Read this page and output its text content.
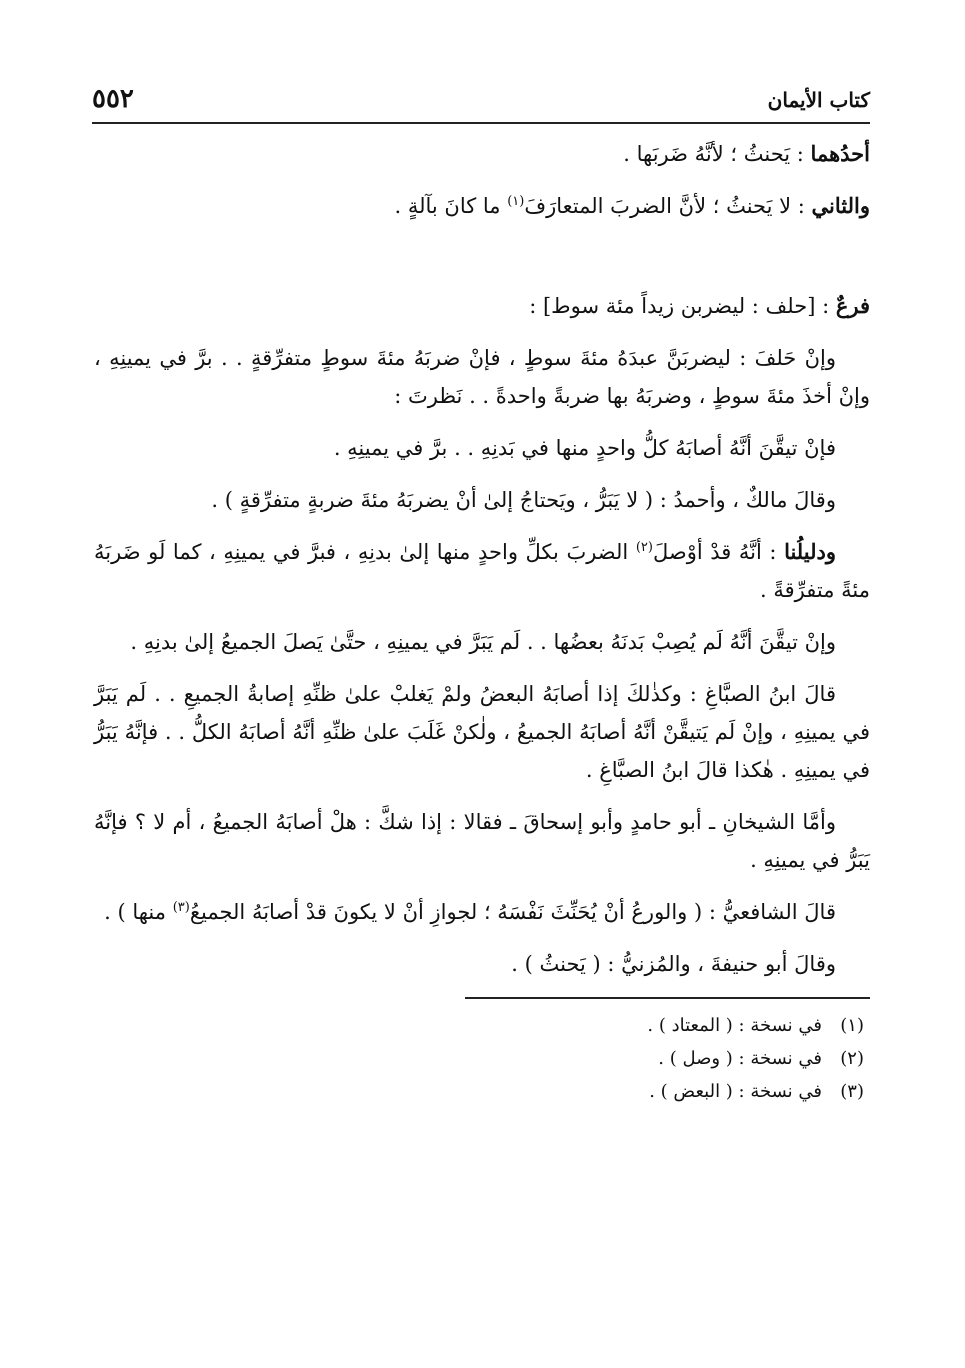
كتاب الأيمان
٥٥٢

أحدُهما : يَحنثُ ؛ لأنَّهُ ضَربَها .

والثاني : لا يَحنثُ ؛ لأنَّ الضربَ المتعارَفَ$^{(١)}$ ما كانَ بآلةٍ .

فرعٌ : [حلف : ليضربن زيداً مئة سوط] :

وإنْ حَلفَ : ليضربَنَّ عبدَهُ مئةَ سوطٍ ، فإنْ ضربَهُ مئةَ سوطٍ متفرِّقةٍ . . برَّ في يمينِهِ ، وإنْ أخذَ مئةَ سوطٍ ، وضربَهُ بها ضربةً واحدةً . . نَظرتَ :

فإنْ تيقَّنَ أنَّهُ أصابَهُ كلُّ واحدٍ منها في بَدنِهِ . . برَّ في يمينِهِ .

وقالَ مالكٌ ، وأحمدُ : ( لا يَبَرُّ ، ويَحتاجُ إلىٰ أنْ يضربَهُ مئةَ ضربةٍ متفرِّقةٍ ) .

ودليلُنا : أنَّهُ قدْ أوْصلَ$^{(٢)}$ الضربَ بكلِّ واحدٍ منها إلىٰ بدنِهِ ، فبرَّ في يمينِهِ ، كما لَو ضَربَهُ مئةً متفرِّقةً .

وإنْ تيقَّنَ أنَّهُ لَم يُصِبْ بَدنَهُ بعضُها . . لَم يَبَرَّ في يمينِهِ ، حتَّىٰ يَصلَ الجميعُ إلىٰ بدنِهِ .

قالَ ابنُ الصبَّاغِ : وكذٰلكَ إذا أصابَهُ البعضُ ولمْ يَغلبْ علىٰ ظنِّهِ إصابةُ الجميعِ . . لَم يَبَرَّ في يمينِهِ ، وإنْ لَم يَتيقَّنْ أنَّهُ أصابَهُ الجميعُ ، ولٰكنْ غَلَبَ علىٰ ظنِّهِ أنَّهُ أصابَهُ الكلُّ . . فإنَّهُ يَبَرُّ في يمينِهِ . هٰكذا قالَ ابنُ الصبَّاغِ .

وأمَّا الشيخانِ ـ أبو حامدٍ وأبو إسحاقَ ـ فقالا : إذا شكَّ : هلْ أصابَهُ الجميعُ ، أم لا ؟ فإنَّهُ يَبَرُّ في يمينِهِ .

قالَ الشافعيُّ : ( والورعُ أنْ يُحَنِّثَ نَفْسَهُ ؛ لجوازِ أنْ لا يكونَ قدْ أصابَهُ الجميعُ$^{(٣)}$ منها ) .

وقالَ أبو حنيفةَ ، والمُزنيُّ : ( يَحنثُ ) .

(١)في نسخة : ( المعتاد ) .
(٢)في نسخة : ( وصل ) .
(٣)في نسخة : ( البعض ) .
